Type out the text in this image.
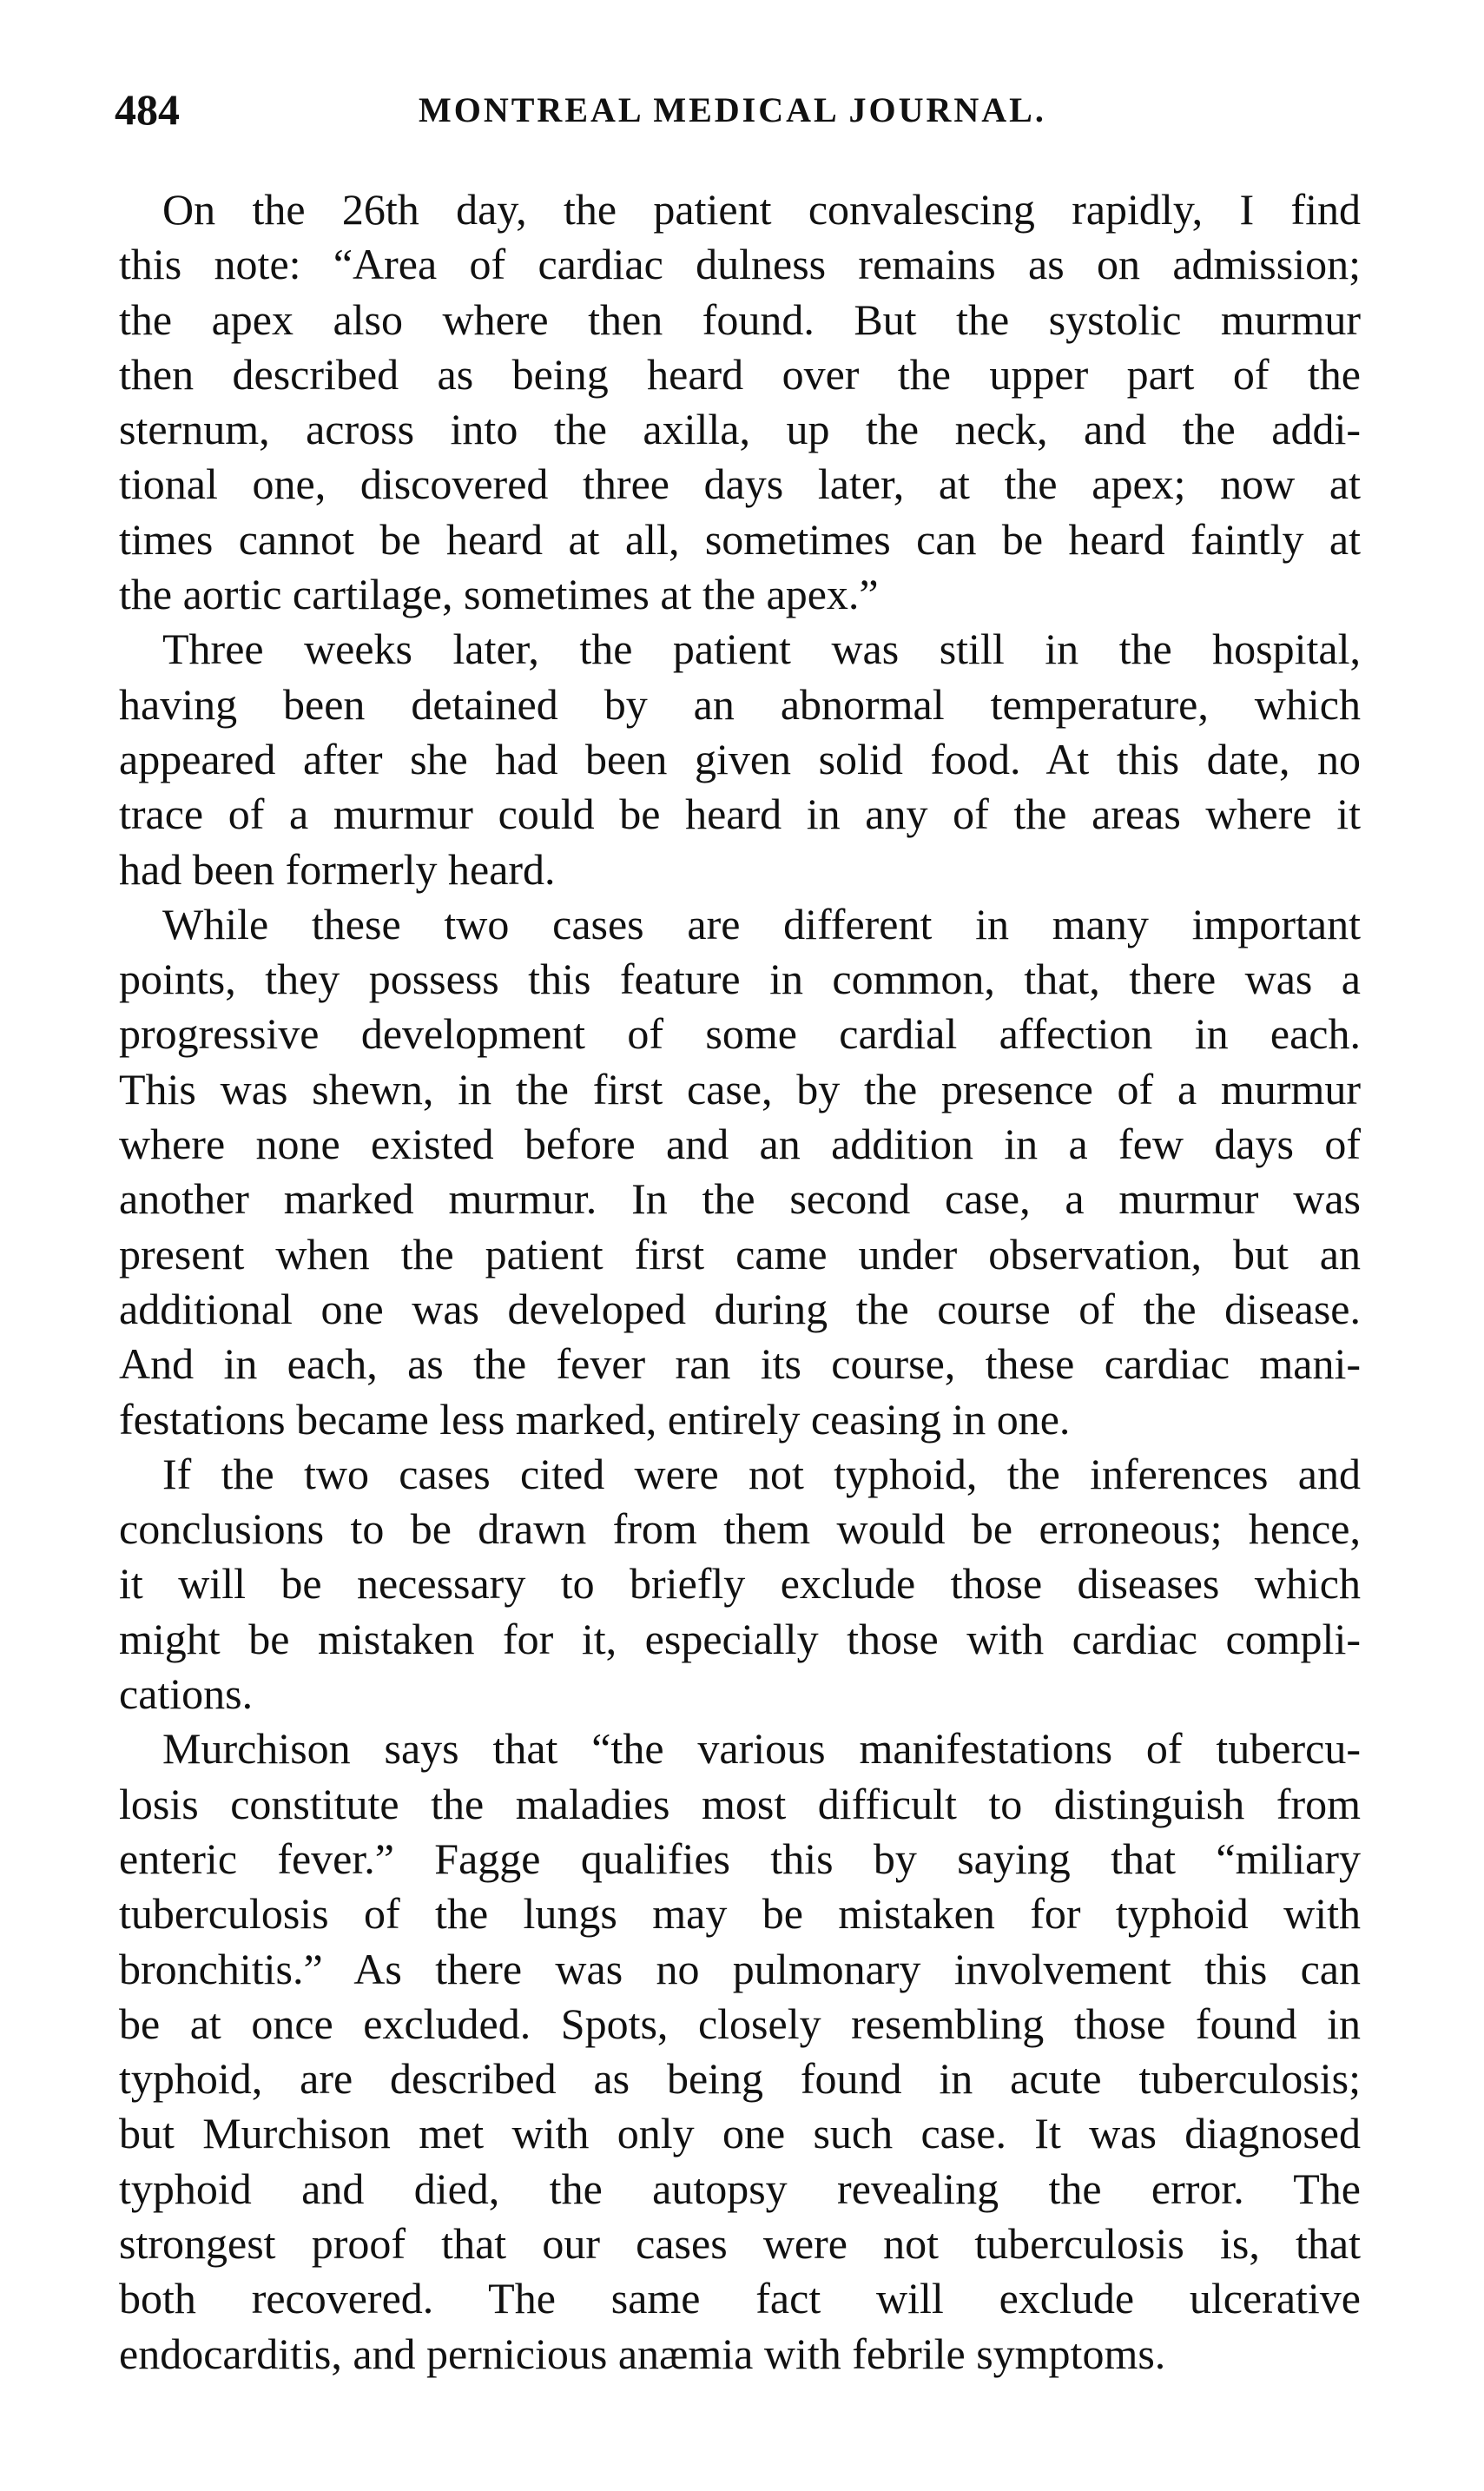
484	MONTREAL MEDICAL JOURNAL.
On the 26th day, the patient convalescing rapidly, I find
this note: “Area of cardiac dulness remains as on admission;
the apex also where then found. But the systolic murmur
then described as being heard over the upper part of the
sternum, across into the axilla, up the neck, and the addi-
tional one, discovered three days later, at the apex; now at
times cannot be heard at all, sometimes can be heard faintly at
the aortic cartilage, sometimes at the apex.”
Three weeks later, the patient was still in the hospital,
having been detained by an abnormal temperature, which
appeared after she had been given solid food. At this date, no
trace of a murmur could be heard in any of the areas where it
had been formerly heard.
While these two cases are different in many important
points, they possess this feature in common, that, there was a
progressive development of some cardial affection in each.
This was shewn, in the first case, by the presence of a murmur
where none existed before and an addition in a few days of
another marked murmur. In the second case, a murmur was
present when the patient first came under observation, but an
additional one was developed during the course of the disease.
And in each, as the fever ran its course, these cardiac mani-
festations became less marked, entirely ceasing in one.
If the two cases cited were not typhoid, the inferences and
conclusions to be drawn from them would be erroneous; hence,
it will be necessary to briefly exclude those diseases which
might be mistaken for it, especially those with cardiac compli-
cations.
Murchison says that “the various manifestations of tubercu-
losis constitute the maladies most difficult to distinguish from
enteric fever.” Fagge qualifies this by saying that “miliary
tuberculosis of the lungs may be mistaken for typhoid with
bronchitis.” As there was no pulmonary involvement this can
be at once excluded. Spots, closely resembling those found in
typhoid, are described as being found in acute tuberculosis;
but Murchison met with only one such case. It was diagnosed
typhoid and died, the autopsy revealing the error. The
strongest proof that our cases were not tuberculosis is, that
both recovered. The same fact will exclude ulcerative
endocarditis, and pernicious anæmia with febrile symptoms.
